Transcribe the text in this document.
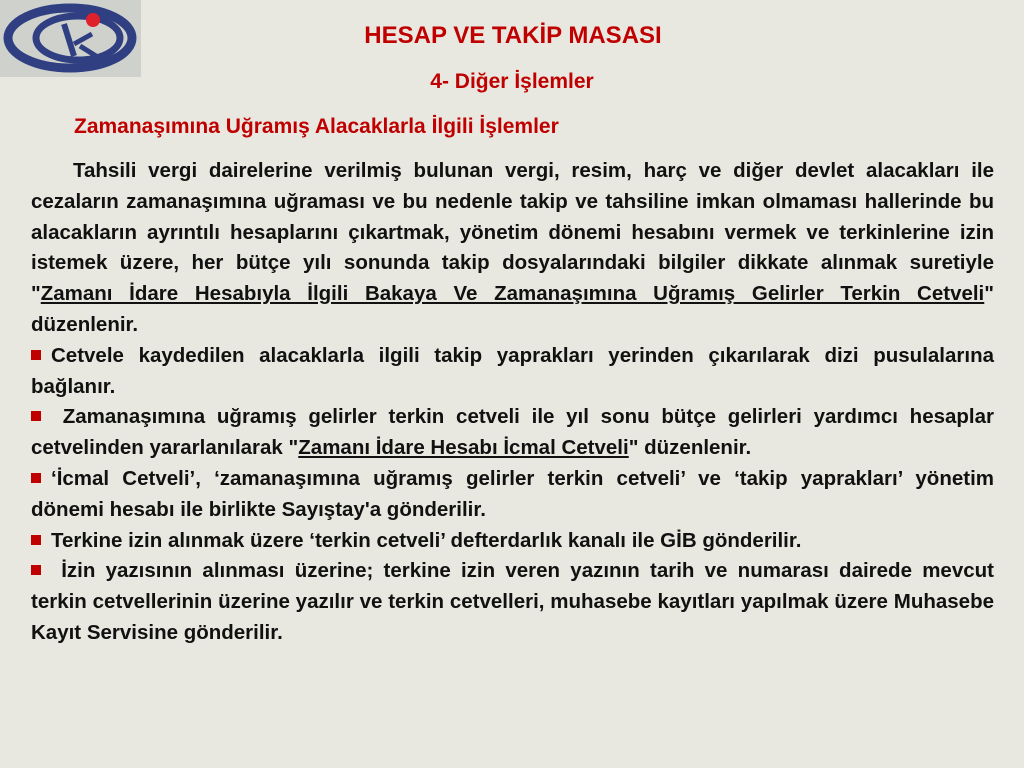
HESAP VE TAKİP MASASI
4- Diğer İşlemler
Zamanaşımına Uğramış Alacaklarla İlgili İşlemler

Tahsili vergi dairelerine verilmiş bulunan vergi, resim, harç ve diğer devlet alacakları ile cezaların zamanaşımına uğraması ve bu nedenle takip ve tahsiline imkan olmaması hallerinde bu alacakların ayrıntılı hesaplarını çıkartmak, yönetim dönemi hesabını vermek ve terkinlerine izin istemek üzere, her bütçe yılı sonunda takip dosyalarındaki bilgiler dikkate alınmak suretiyle "Zamanı İdare Hesabıyla İlgili Bakaya Ve Zamanaşımına Uğramış Gelirler Terkin Cetveli" düzenlenir.

Cetvele kaydedilen alacaklarla ilgili takip yaprakları yerinden çıkarılarak dizi pusulalarına bağlanır.

Zamanaşımına uğramış gelirler terkin cetveli ile yıl sonu bütçe gelirleri yardımcı hesaplar cetvelinden yararlanılarak "Zamanı İdare Hesabı İcmal Cetveli" düzenlenir.

‘İcmal Cetveli’, ‘zamanaşımına uğramış gelirler terkin cetveli’ ve ‘takip yaprakları’ yönetim dönemi hesabı ile birlikte Sayıştay'a gönderilir.

Terkine izin alınmak üzere ‘terkin cetveli’ defterdarlık kanalı ile GİB gönderilir.

İzin yazısının alınması üzerine; terkine izin veren yazının tarih ve numarası dairede mevcut terkin cetvellerinin üzerine yazılır ve terkin cetvelleri, muhasebe kayıtları yapılmak üzere Muhasebe Kayıt Servisine gönderilir.
